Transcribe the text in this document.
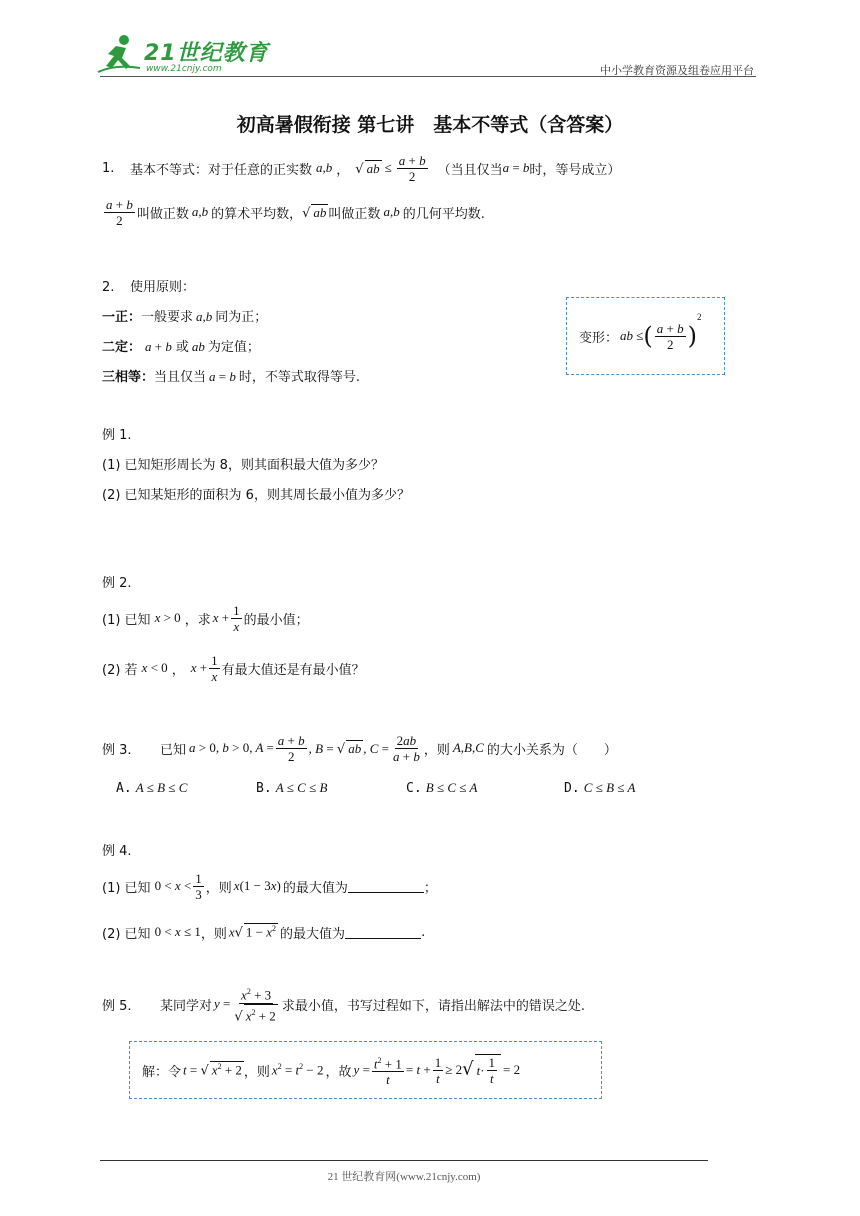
21世纪教育
www.21cnjy.com	中小学教育资源及组卷应用平台
初高暑假衔接 第七讲　基本不等式（含答案）
1.	基本不等式：对于任意的正实数 a,b ， √ ab ≤ $\frac{a + b}{2}$ （当且仅当 a = b 时，等号成立）
$\frac{a + b}{2}$ 叫做正数 a,b 的算术平均数， √ ab 叫做正数 a,b 的几何平均数.
2. 使用原则：
一正：一般要求 a,b 同为正；
二定： a + b 或 ab 为定值；
三相等：当且仅当 a = b 时，不等式取得等号.
变形： ab ≤ ( $\frac{a + b}{2}$ )
2
例 1.
(1) 已知矩形周长为 8，则其面积最大值为多少？
(2) 已知某矩形的面积为 6，则其周长最小值为多少？
例 2.
(1) 已知 x > 0 ，求 $x + \frac{1}{x}$ 的最小值；
(2) 若 x < 0 ， $x + \frac{1}{x}$ 有最大值还是有最小值？
例 3.	已知 a > 0, b > 0, $A = \frac{a + b}{2}$ , B = √ ab , $C = \frac{2ab}{a + b}$ ，则 A,B,C 的大小关系为（　　）
A. A ≤ B ≤ C	B. A ≤ C ≤ B	C. B ≤ C ≤ A	D. C ≤ B ≤ A
例 4.
(1) 已知 $0 < x < \frac{1}{3}$ ，则 x(1 − 3x) 的最大值为	；
(2) 已知 0 < x ≤ 1 ，则 x√ $1 - x^2$ 的最大值为	.
例 5.	某同学对 $y = \frac{x^2 + 3}{√ x^2 + 2}$ 求最小值，书写过程如下，请指出解法中的错误之处.
解：令 t = √ $x^2 + 2$ ，则 $x^2 = t^2 - 2$ ，故 $y = \frac{t^2 + 1}{t} = t + \frac{1}{t} \ge 2$ √ $t \cdot \frac{1}{t} = 2$
21 世纪教育网(www.21cnjy.com)
